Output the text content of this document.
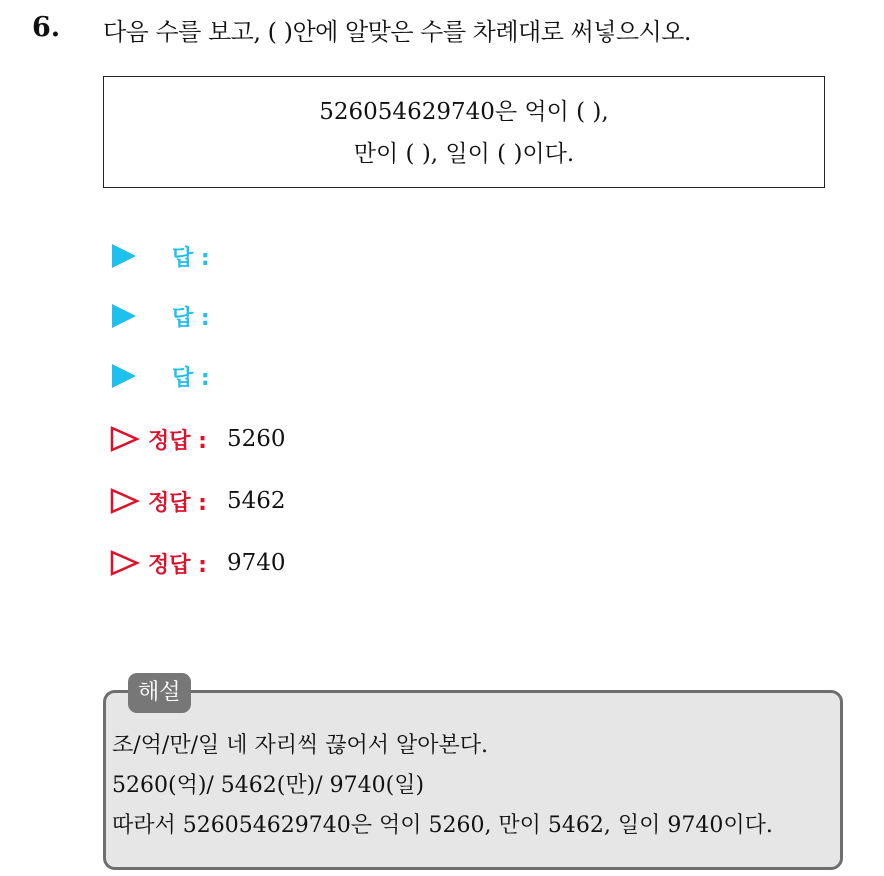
6. 다음 수를 보고, ( )안에 알맞은 수를 차례대로 써넣으시오.
526054629740은 억이 ( ),
만이 ( ), 일이 ( )이다.
답 :
답 :
답 :
정답 : 5260
정답 : 5462
정답 : 9740
해설
조/억/만/일 네 자리씩 끊어서 알아본다.
5260(억)/ 5462(만)/ 9740(일)
따라서 526054629740은 억이 5260, 만이 5462, 일이 9740이다.
